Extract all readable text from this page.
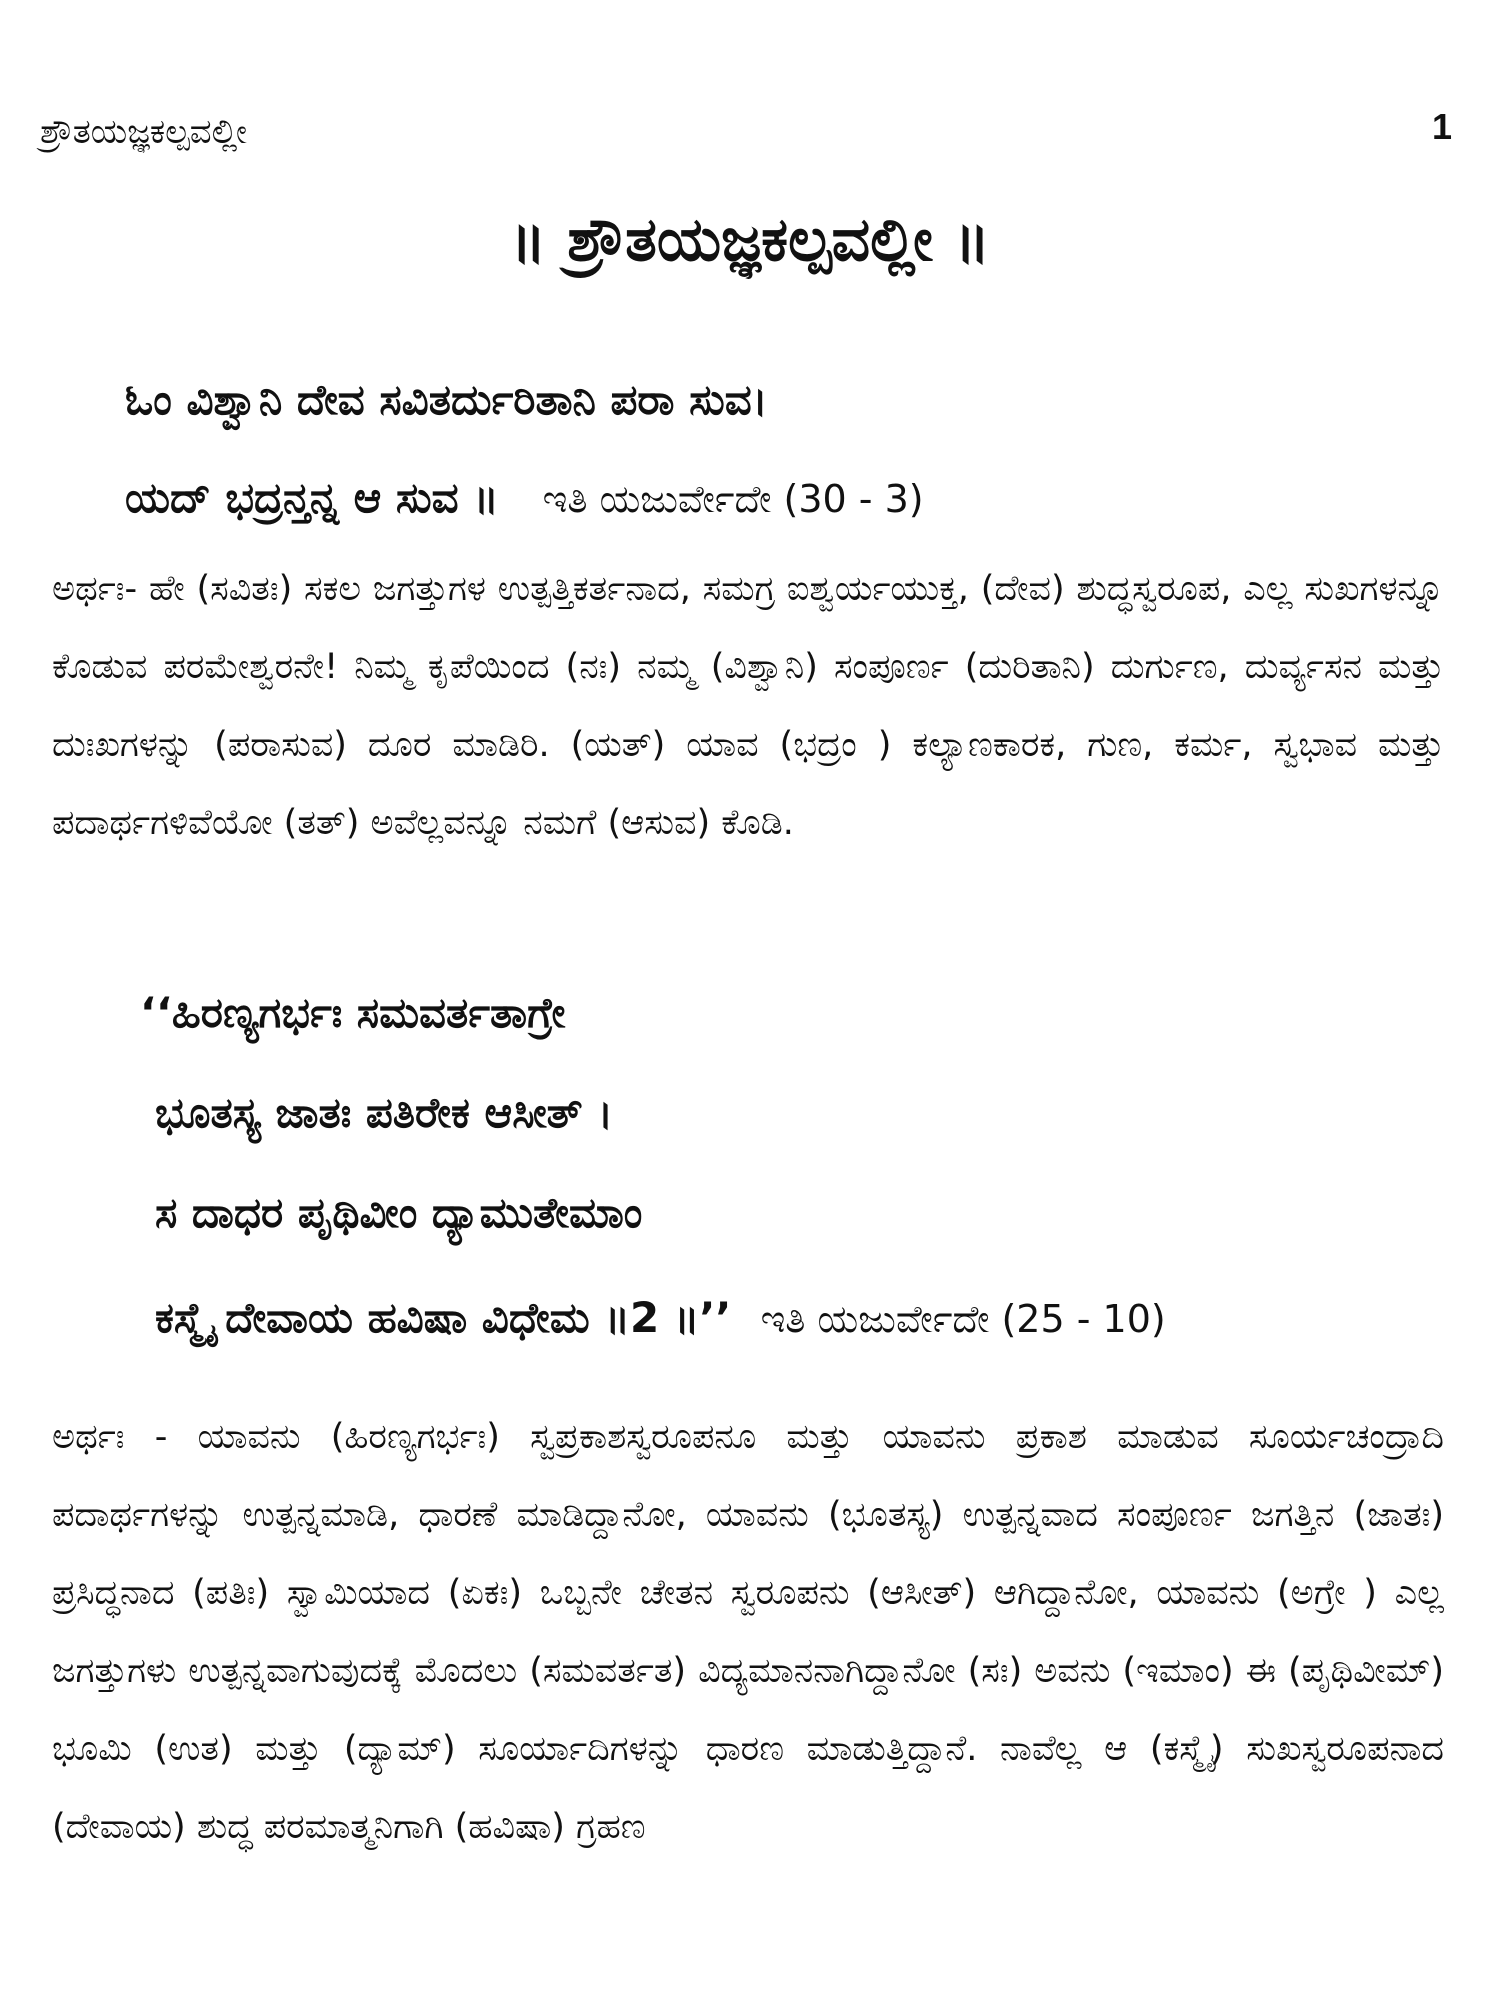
ಶ್ರೌತಯಜ್ಞಕಲ್ಪವಲ್ಲೀ	1
॥ ಶ್ರೌತಯಜ್ಞಕಲ್ಪವಲ್ಲೀ ॥
ಓಂ ವಿಶ್ವಾನಿ ದೇವ ಸವಿತರ್ದುರಿತಾನಿ ಪರಾ ಸುವ।
ಯದ್ ಭದ್ರನ್ತನ್ನ ಆ ಸುವ ॥ ಇತಿ ಯಜುರ್ವೇದೇ (30 - 3)
ಅರ್ಥಃ- ಹೇ (ಸವಿತಃ) ಸಕಲ ಜಗತ್ತುಗಳ ಉತ್ಪತ್ತಿಕರ್ತನಾದ, ಸಮಗ್ರ ಐಶ್ವರ್ಯಯುಕ್ತ, (ದೇವ) ಶುದ್ಧಸ್ವರೂಪ, ಎಲ್ಲ ಸುಖಗಳನ್ನೂ ಕೊಡುವ ಪರಮೇಶ್ವರನೇ! ನಿಮ್ಮ ಕೃಪೆಯಿಂದ (ನಃ) ನಮ್ಮ (ವಿಶ್ವಾನಿ) ಸಂಪೂರ್ಣ (ದುರಿತಾನಿ) ದುರ್ಗುಣ, ದುರ್ವ್ಯಸನ ಮತ್ತು ದುಃಖಗಳನ್ನು (ಪರಾಸುವ) ದೂರ ಮಾಡಿರಿ. (ಯತ್) ಯಾವ (ಭದ್ರಂ ) ಕಲ್ಯಾಣಕಾರಕ, ಗುಣ, ಕರ್ಮ, ಸ್ವಭಾವ ಮತ್ತು ಪದಾರ್ಥಗಳಿವೆಯೋ (ತತ್) ಅವೆಲ್ಲವನ್ನೂ ನಮಗೆ (ಆಸುವ) ಕೊಡಿ.
‘‘ಹಿರಣ್ಯಗರ್ಭಃ ಸಮವರ್ತತಾಗ್ರೇ
ಭೂತಸ್ಯ ಜಾತಃ ಪತಿರೇಕ ಆಸೀತ್ ।
ಸ ದಾಧರ ಪೃಥಿವೀಂ ದ್ಯಾಮುತೇಮಾಂ
ಕಸ್ಮೈ ದೇವಾಯ ಹವಿಷಾ ವಿಧೇಮ ॥2 ॥’’ ಇತಿ ಯಜುರ್ವೇದೇ (25 - 10)
ಅರ್ಥಃ - ಯಾವನು (ಹಿರಣ್ಯಗರ್ಭಃ) ಸ್ವಪ್ರಕಾಶಸ್ವರೂಪನೂ ಮತ್ತು ಯಾವನು ಪ್ರಕಾಶ ಮಾಡುವ ಸೂರ್ಯಚಂದ್ರಾದಿ ಪದಾರ್ಥಗಳನ್ನು ಉತ್ಪನ್ನಮಾಡಿ, ಧಾರಣೆ ಮಾಡಿದ್ದಾನೋ, ಯಾವನು (ಭೂತಸ್ಯ) ಉತ್ಪನ್ನವಾದ ಸಂಪೂರ್ಣ ಜಗತ್ತಿನ (ಜಾತಃ) ಪ್ರಸಿದ್ಧನಾದ (ಪತಿಃ) ಸ್ವಾಮಿಯಾದ (ಏಕಃ) ಒಬ್ಬನೇ ಚೇತನ ಸ್ವರೂಪನು (ಆಸೀತ್) ಆಗಿದ್ದಾನೋ, ಯಾವನು (ಅಗ್ರೇ ) ಎಲ್ಲ ಜಗತ್ತುಗಳು ಉತ್ಪನ್ನವಾಗುವುದಕ್ಕೆ ಮೊದಲು (ಸಮವರ್ತತ) ವಿದ್ಯಮಾನನಾಗಿದ್ದಾನೋ (ಸಃ) ಅವನು (ಇಮಾಂ) ಈ (ಪೃಥಿವೀಮ್) ಭೂಮಿ (ಉತ) ಮತ್ತು (ದ್ಯಾಮ್) ಸೂರ್ಯಾದಿಗಳನ್ನು ಧಾರಣ ಮಾಡುತ್ತಿದ್ದಾನೆ. ನಾವೆಲ್ಲ ಆ (ಕಸ್ಮೈ) ಸುಖಸ್ವರೂಪನಾದ (ದೇವಾಯ) ಶುದ್ಧ ಪರಮಾತ್ಮನಿಗಾಗಿ (ಹವಿಷಾ) ಗ್ರಹಣ
